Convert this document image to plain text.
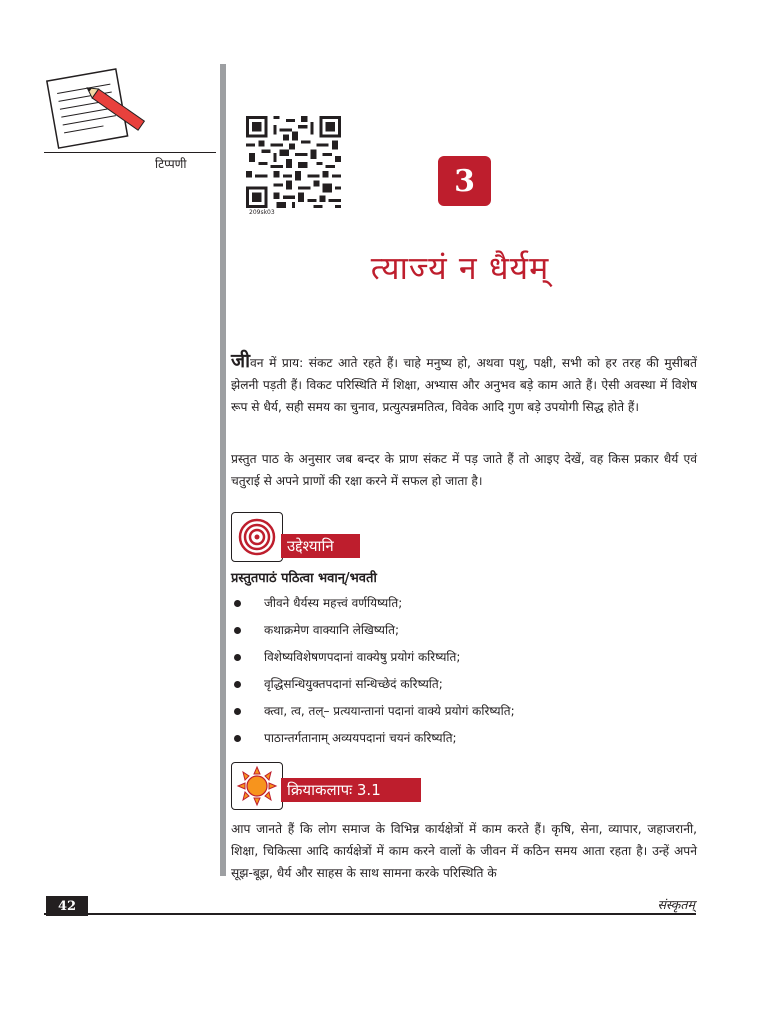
टिप्पणी
209sk03
3
त्याज्यं न धैर्यम्
जीवन में प्राय: संकट आते रहते हैं। चाहे मनुष्य हो, अथवा पशु, पक्षी, सभी को हर तरह की मुसीबतें झेलनी पड़ती हैं। विकट परिस्थिति में शिक्षा, अभ्यास और अनुभव बड़े काम आते हैं। ऐसी अवस्था में विशेष रूप से धैर्य, सही समय का चुनाव, प्रत्युत्पन्नमतित्व, विवेक आदि गुण बड़े उपयोगी सिद्ध होते हैं।
प्रस्तुत पाठ के अनुसार जब बन्दर के प्राण संकट में पड़ जाते हैं तो आइए देखें, वह किस प्रकार धैर्य एवं चतुराई से अपने प्राणों की रक्षा करने में सफल हो जाता है।
उद्देश्यानि
प्रस्तुतपाठं पठित्वा भवान्/भवती
जीवने धैर्यस्य महत्त्वं वर्णयिष्यति;
कथाक्रमेण वाक्यानि लेखिष्यति;
विशेष्यविशेषणपदानां वाक्येषु प्रयोगं करिष्यति;
वृद्धिसन्धियुक्तपदानां सन्धिच्छेदं करिष्यति;
क्त्वा, त्व, तल्– प्रत्ययान्तानां पदानां वाक्ये प्रयोगं करिष्यति;
पाठान्तर्गतानाम् अव्ययपदानां चयनं करिष्यति;
क्रियाकलापः 3.1
आप जानते हैं कि लोग समाज के विभिन्न कार्यक्षेत्रों में काम करते हैं। कृषि, सेना, व्यापार, जहाजरानी, शिक्षा, चिकित्सा आदि कार्यक्षेत्रों में काम करने वालों के जीवन में कठिन समय आता रहता है। उन्हें अपने सूझ-बूझ, धैर्य और साहस के साथ सामना करके परिस्थिति के
42	संस्कृतम्
